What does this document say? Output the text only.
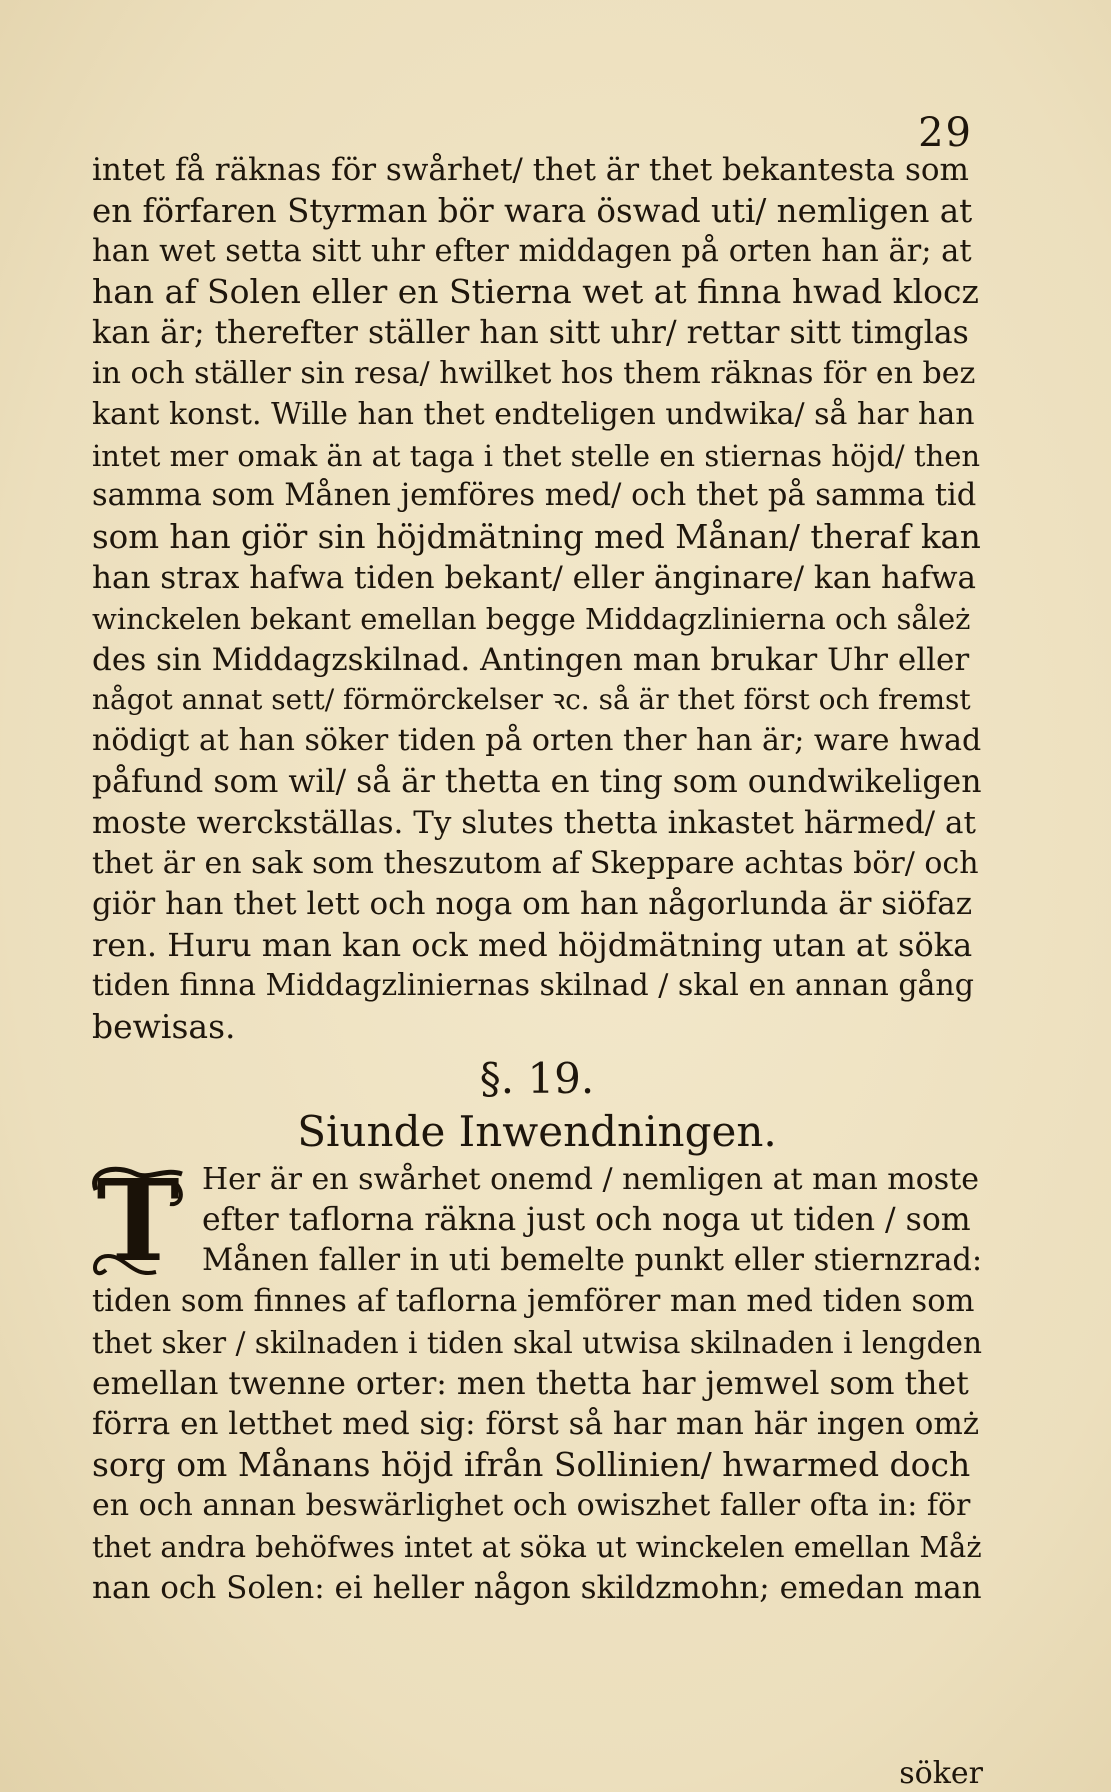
29
intet få räknas för swårhet/ thet är thet bekantesta som
en förfaren Styrman bör wara öswad uti/ nemligen at
han wet setta sitt uhr efter middagen på orten han är; at
han af Solen eller en Stierna wet at finna hwad klocz
kan är; therefter ställer han sitt uhr/ rettar sitt timglas
in och ställer sin resa/ hwilket hos them räknas för en bez
kant konst. Wille han thet endteligen undwika/ så har han
intet mer omak än at taga i thet stelle en stiernas höjd/ then
samma som Månen jemföres med/ och thet på samma tid
som han giör sin höjdmätning med Månan/ theraf kan
han strax hafwa tiden bekant/ eller änginare/ kan hafwa
winckelen bekant emellan begge Middagzlinierna och såleż
des sin Middagzskilnad. Antingen man brukar Uhr eller
något annat sett/ förmörckelser ꝛc. så är thet först och fremst
nödigt at han söker tiden på orten ther han är; ware hwad
påfund som wil/ så är thetta en ting som oundwikeligen
moste werckställas. Ty slutes thetta inkastet härmed/ at
thet är en sak som theszutom af Skeppare achtas bör/ och
giör han thet lett och noga om han någorlunda är siöfaz
ren. Huru man kan ock med höjdmätning utan at söka
tiden finna Middagzliniernas skilnad / skal en annan gång
bewisas.
§. 19.
Siunde Inwendningen.
T Her är en swårhet onemd / nemligen at man moste
efter taflorna räkna just och noga ut tiden / som
Månen faller in uti bemelte punkt eller stiernzrad:
tiden som finnes af taflorna jemförer man med tiden som
thet sker / skilnaden i tiden skal utwisa skilnaden i lengden
emellan twenne orter: men thetta har jemwel som thet
förra en letthet med sig: först så har man här ingen omż
sorg om Månans höjd ifrån Sollinien/ hwarmed doch
en och annan beswärlighet och owiszhet faller ofta in: för
thet andra behöfwes intet at söka ut winckelen emellan Måż
nan och Solen: ei heller någon skildzmohn; emedan man
söker
